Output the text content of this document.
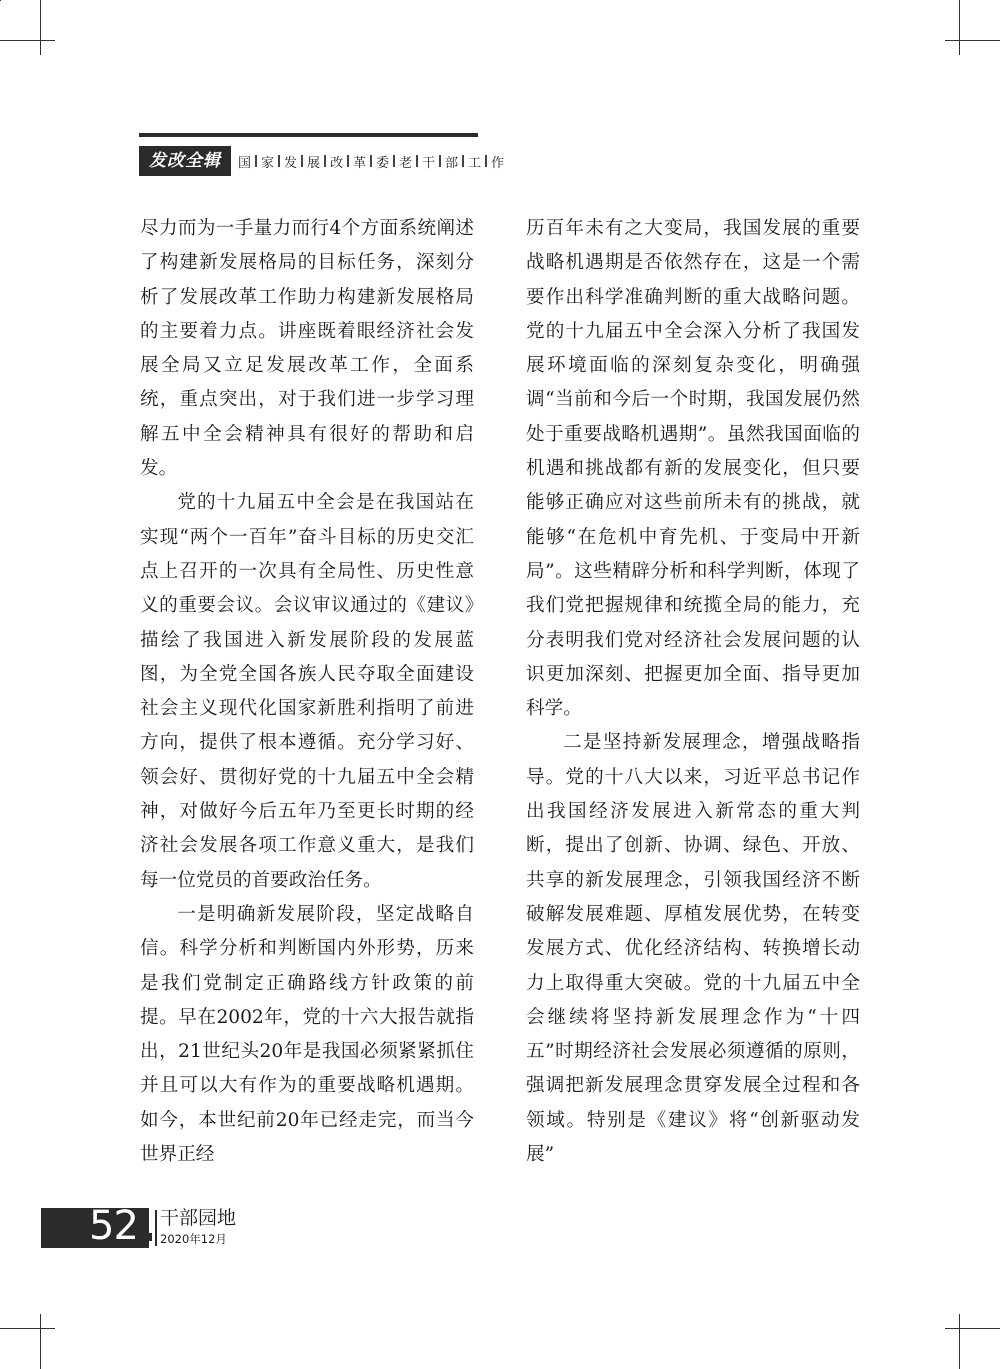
发改全辑	国 家 发 展 改 革 委 老 干 部 工 作

尽力而为一手量力而行4个方面系统阐述了构建新发展格局的目标任务，深刻分析了发展改革工作助力构建新发展格局的主要着力点。讲座既着眼经济社会发展全局又立足发展改革工作，全面系统，重点突出，对于我们进一步学习理解五中全会精神具有很好的帮助和启发。

党的十九届五中全会是在我国站在实现“两个一百年”奋斗目标的历史交汇点上召开的一次具有全局性、历史性意义的重要会议。会议审议通过的《建议》描绘了我国进入新发展阶段的发展蓝图，为全党全国各族人民夺取全面建设社会主义现代化国家新胜利指明了前进方向，提供了根本遵循。充分学习好、领会好、贯彻好党的十九届五中全会精神，对做好今后五年乃至更长时期的经济社会发展各项工作意义重大，是我们每一位党员的首要政治任务。

一是明确新发展阶段，坚定战略自信。科学分析和判断国内外形势，历来是我们党制定正确路线方针政策的前提。早在2002年，党的十六大报告就指出，21世纪头20年是我国必须紧紧抓住并且可以大有作为的重要战略机遇期。如今，本世纪前20年已经走完，而当今世界正经

历百年未有之大变局，我国发展的重要战略机遇期是否依然存在，这是一个需要作出科学准确判断的重大战略问题。党的十九届五中全会深入分析了我国发展环境面临的深刻复杂变化，明确强调“当前和今后一个时期，我国发展仍然处于重要战略机遇期”。虽然我国面临的机遇和挑战都有新的发展变化，但只要能够正确应对这些前所未有的挑战，就能够“在危机中育先机、于变局中开新局”。这些精辟分析和科学判断，体现了我们党把握规律和统揽全局的能力，充分表明我们党对经济社会发展问题的认识更加深刻、把握更加全面、指导更加科学。

二是坚持新发展理念，增强战略指导。党的十八大以来，习近平总书记作出我国经济发展进入新常态的重大判断，提出了创新、协调、绿色、开放、共享的新发展理念，引领我国经济不断破解发展难题、厚植发展优势，在转变发展方式、优化经济结构、转换增长动力上取得重大突破。党的十九届五中全会继续将坚持新发展理念作为“十四五”时期经济社会发展必须遵循的原则，强调把新发展理念贯穿发展全过程和各领域。特别是《建议》将“创新驱动发展”

52	干部园地
2020年12月
